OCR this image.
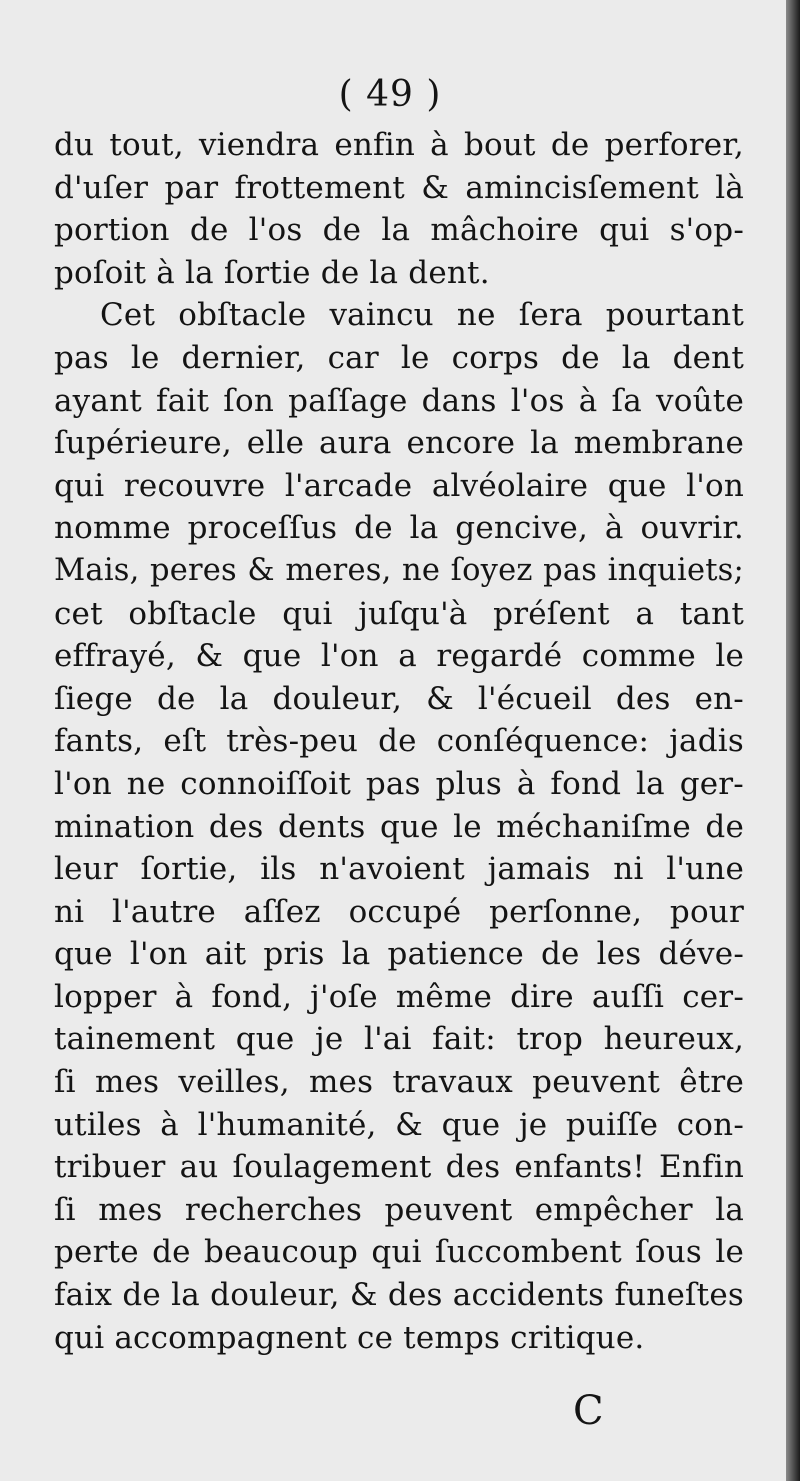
( 49 )
du tout, viendra enfin à bout de perforer,
d'uſer par frottement & amincisſement là
portion de l'os de la mâchoire qui s'op-
poſoit à la ſortie de la dent.
Cet obſtacle vaincu ne ſera pourtant
pas le dernier, car le corps de la dent
ayant fait ſon paſſage dans l'os à ſa voûte
ſupérieure, elle aura encore la membrane
qui recouvre l'arcade alvéolaire que l'on
nomme proceſſus de la gencive, à ouvrir.
Mais, peres & meres, ne ſoyez pas inquiets;
cet obſtacle qui juſqu'à préſent a tant
effrayé, & que l'on a regardé comme le
ſiege de la douleur, & l'écueil des en-
fants, eſt très-peu de conſéquence: jadis
l'on ne connoiſſoit pas plus à fond la ger-
mination des dents que le méchaniſme de
leur ſortie, ils n'avoient jamais ni l'une
ni l'autre aſſez occupé perſonne, pour
que l'on ait pris la patience de les déve-
lopper à fond, j'oſe même dire auſſi cer-
tainement que je l'ai fait: trop heureux,
ſi mes veilles, mes travaux peuvent être
utiles à l'humanité, & que je puiſſe con-
tribuer au ſoulagement des enfants! Enfin
ſi mes recherches peuvent empêcher la
perte de beaucoup qui ſuccombent ſous le
faix de la douleur, & des accidents funeſtes
qui accompagnent ce temps critique.
C
